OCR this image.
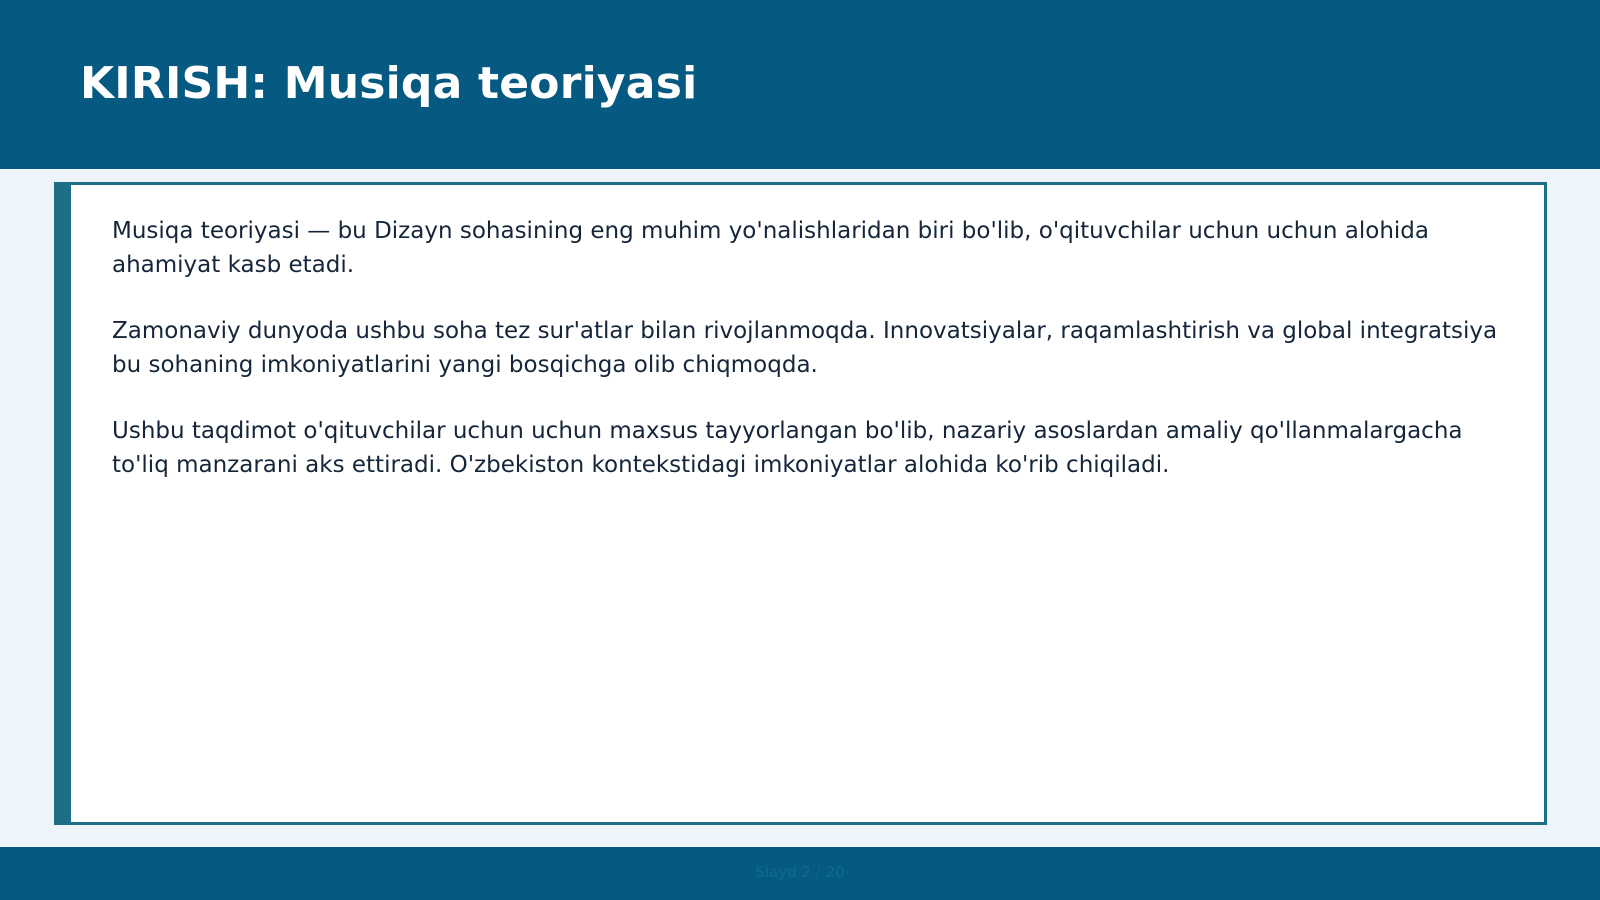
KIRISH: Musiqa teoriyasi

Musiqa teoriyasi — bu Dizayn sohasining eng muhim yo'nalishlaridan biri bo'lib, o'qituvchilar uchun uchun alohida ahamiyat kasb etadi.

Zamonaviy dunyoda ushbu soha tez sur'atlar bilan rivojlanmoqda. Innovatsiyalar, raqamlashtirish va global integratsiya bu sohaning imkoniyatlarini yangi bosqichga olib chiqmoqda.

Ushbu taqdimot o'qituvchilar uchun uchun maxsus tayyorlangan bo'lib, nazariy asoslardan amaliy qo'llanmalargacha to'liq manzarani aks ettiradi. O'zbekiston kontekstidagi imkoniyatlar alohida ko'rib chiqiladi.

Slayd 2 / 20
